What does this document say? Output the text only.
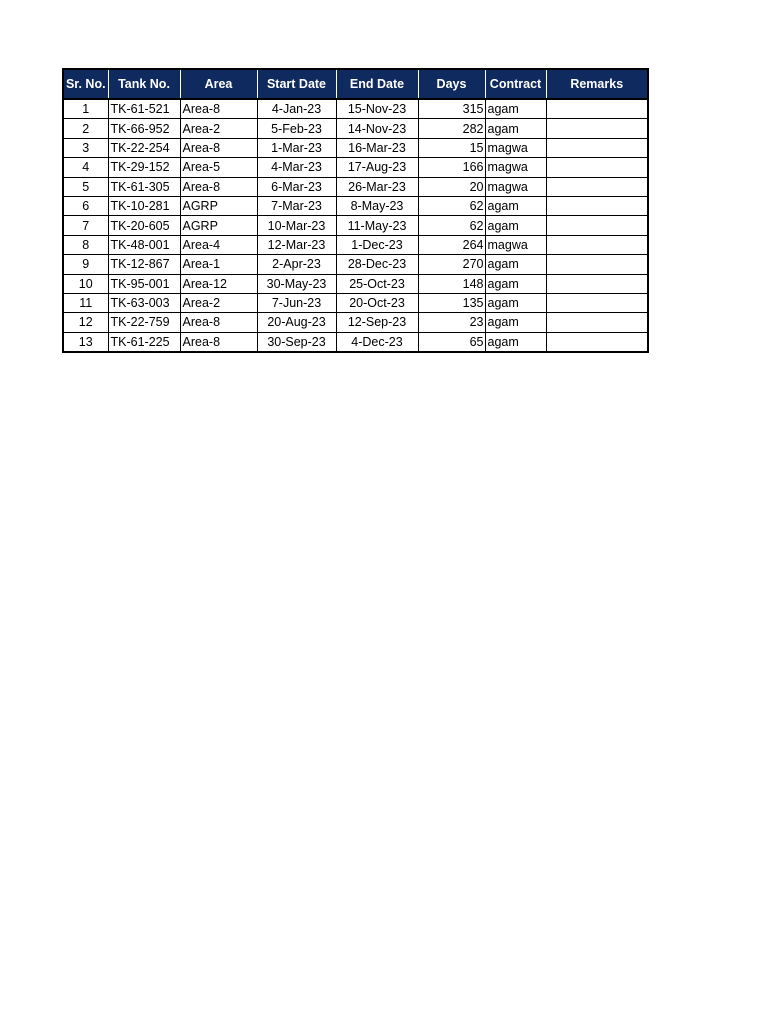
Sr. No.	Tank No.	Area	Start Date	End Date	Days	Contract	Remarks
1	TK-61-521	Area-8	4-Jan-23	15-Nov-23	315	agam	
2	TK-66-952	Area-2	5-Feb-23	14-Nov-23	282	agam	
3	TK-22-254	Area-8	1-Mar-23	16-Mar-23	15	magwa	
4	TK-29-152	Area-5	4-Mar-23	17-Aug-23	166	magwa	
5	TK-61-305	Area-8	6-Mar-23	26-Mar-23	20	magwa	
6	TK-10-281	AGRP	7-Mar-23	8-May-23	62	agam	
7	TK-20-605	AGRP	10-Mar-23	11-May-23	62	agam	
8	TK-48-001	Area-4	12-Mar-23	1-Dec-23	264	magwa	
9	TK-12-867	Area-1	2-Apr-23	28-Dec-23	270	agam	
10	TK-95-001	Area-12	30-May-23	25-Oct-23	148	agam	
11	TK-63-003	Area-2	7-Jun-23	20-Oct-23	135	agam	
12	TK-22-759	Area-8	20-Aug-23	12-Sep-23	23	agam	
13	TK-61-225	Area-8	30-Sep-23	4-Dec-23	65	agam	
